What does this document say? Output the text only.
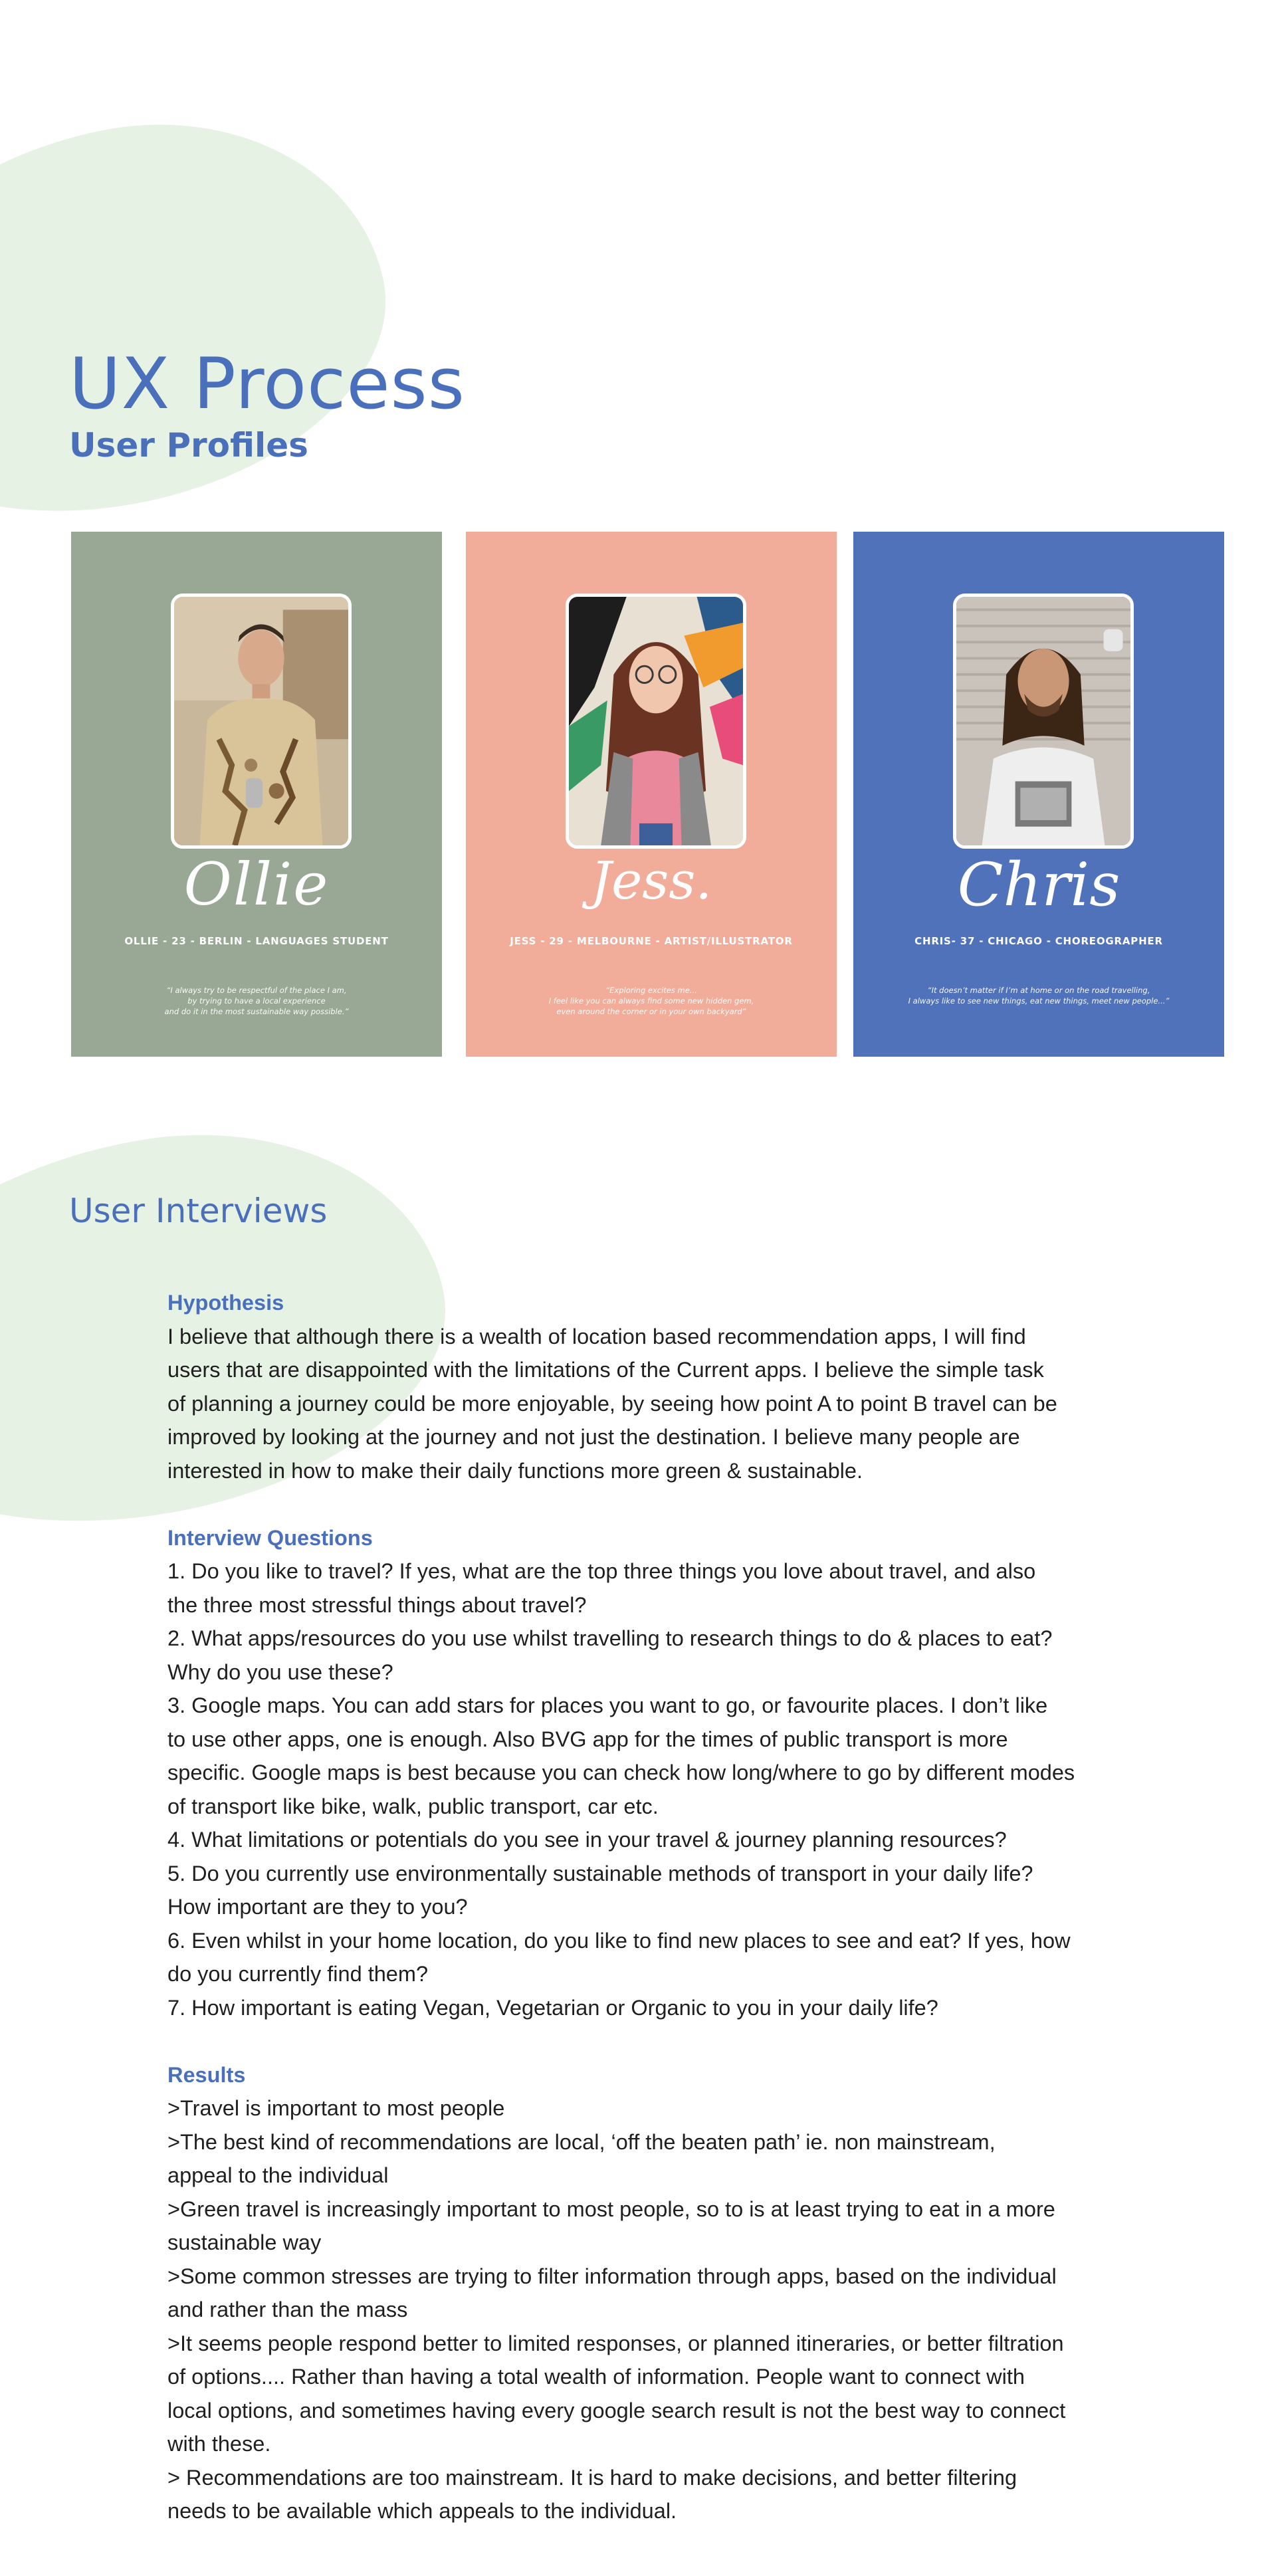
UX Process
User Profiles
Ollie
OLLIE - 23 - BERLIN - LANGUAGES STUDENT
“I always try to be respectful of the place I am,
by trying to have a local experience
and do it in the most sustainable way possible.”
Jess.
JESS - 29 - MELBOURNE - ARTIST/ILLUSTRATOR
“Exploring excites me...
I feel like you can always find some new hidden gem,
even around the corner or in your own backyard”
Chris
CHRIS- 37 - CHICAGO - CHOREOGRAPHER
“It doesn’t matter if I’m at home or on the road travelling,
I always like to see new things, eat new things, meet new people...”
User Interviews

Hypothesis

I believe that although there is a wealth of location based recommendation apps, I will find
users that are disappointed with the limitations of the Current apps. I believe the simple task
of planning a journey could be more enjoyable, by seeing how point A to point B travel can be
improved by looking at the journey and not just the destination. I believe many people are
interested in how to make their daily functions more green & sustainable.

Interview Questions

1. Do you like to travel? If yes, what are the top three things you love about travel, and also
the three most stressful things about travel?
2. What apps/resources do you use whilst travelling to research things to do & places to eat?
Why do you use these?
3. Google maps. You can add stars for places you want to go, or favourite places. I don’t like
to use other apps, one is enough. Also BVG app for the times of public transport is more
specific. Google maps is best because you can check how long/where to go by different modes
of transport like bike, walk, public transport, car etc.
4. What limitations or potentials do you see in your travel & journey planning resources?
5. Do you currently use environmentally sustainable methods of transport in your daily life?
How important are they to you?
6. Even whilst in your home location, do you like to find new places to see and eat? If yes, how
do you currently find them?
7. How important is eating Vegan, Vegetarian or Organic to you in your daily life?

Results

>Travel is important to most people
>The best kind of recommendations are local, ‘off the beaten path’ ie. non mainstream,
appeal to the individual
>Green travel is increasingly important to most people, so to is at least trying to eat in a more
sustainable way
>Some common stresses are trying to filter information through apps, based on the individual
and rather than the mass
>It seems people respond better to limited responses, or planned itineraries, or better filtration
of options.... Rather than having a total wealth of information. People want to connect with
local options, and sometimes having every google search result is not the best way to connect
with these.
> Recommendations are too mainstream. It is hard to make decisions, and better filtering
needs to be available which appeals to the individual.
